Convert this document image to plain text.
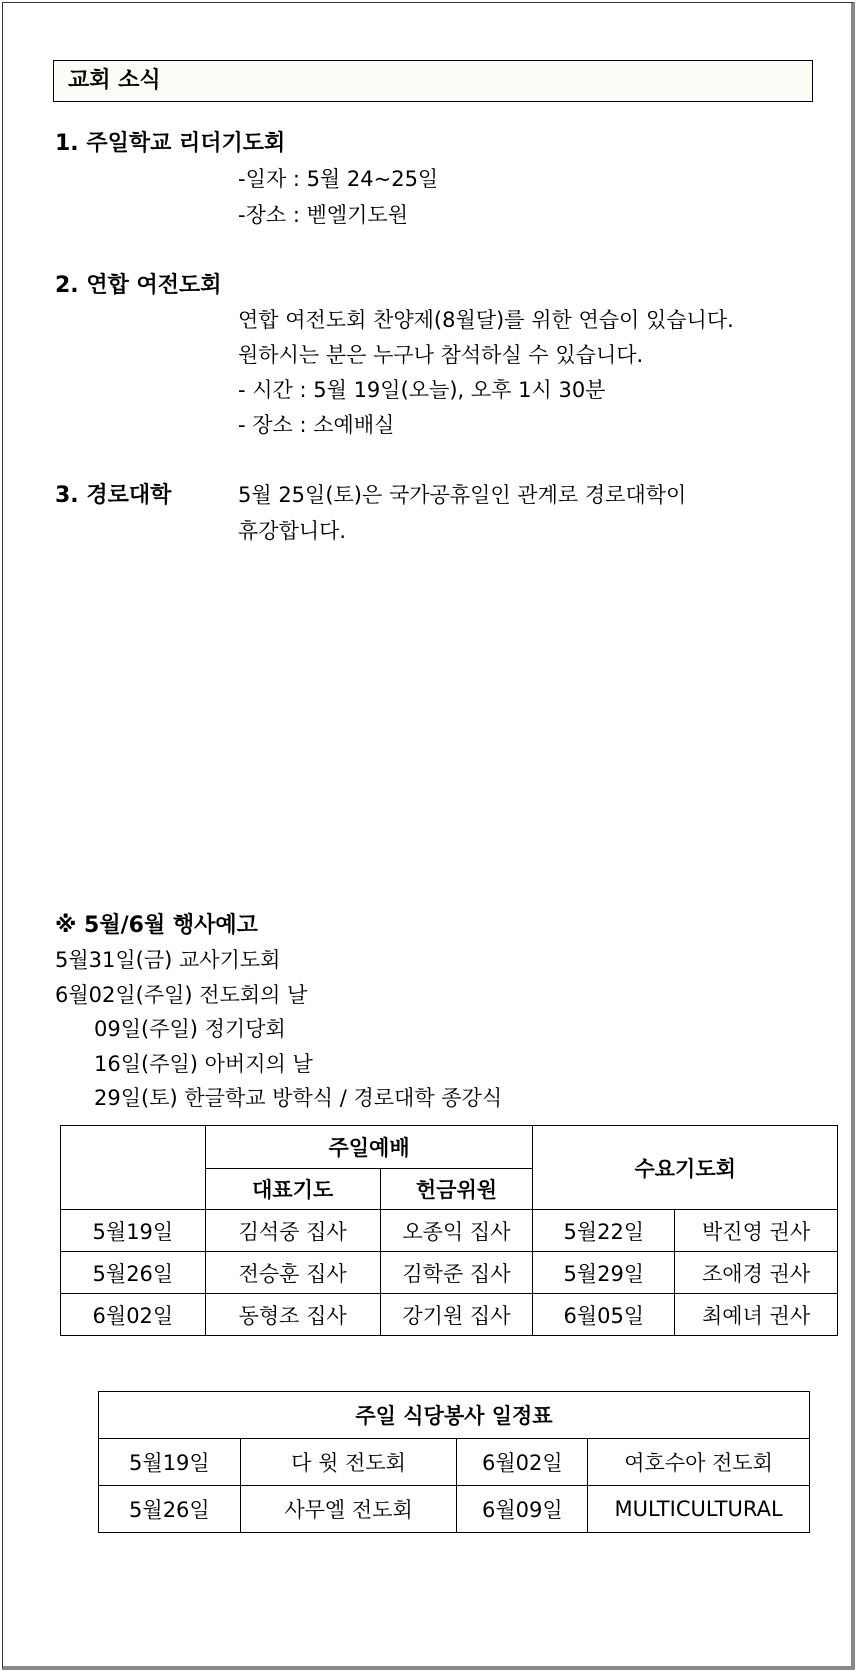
교회 소식
1. 주일학교 리더기도회
-일자 : 5월 24~25일
-장소 : 벧엘기도원
2. 연합 여전도회
연합 여전도회 찬양제(8월달)를 위한 연습이 있습니다.
원하시는 분은 누구나 참석하실 수 있습니다.
- 시간 : 5월 19일(오늘), 오후 1시 30분
- 장소 : 소예배실
3. 경로대학	5월 25일(토)은 국가공휴일인 관계로 경로대학이
휴강합니다.
※ 5월/6월 행사예고
5월31일(금) 교사기도회
6월02일(주일) 전도회의 날
09일(주일) 정기당회
16일(주일) 아버지의 날
29일(토) 한글학교 방학식 / 경로대학 종강식
	주일예배		수요기도회	
	대표기도	헌금위원		
5월19일	김석중 집사	오종익 집사	5월22일	박진영 권사
5월26일	전승훈 집사	김학준 집사	5월29일	조애경 권사
6월02일	동형조 집사	강기원 집사	6월05일	최예녀 권사
주일 식당봉사 일정표			
5월19일	다 윗 전도회	6월02일	여호수아 전도회
5월26일	사무엘 전도회	6월09일	MULTICULTURAL
